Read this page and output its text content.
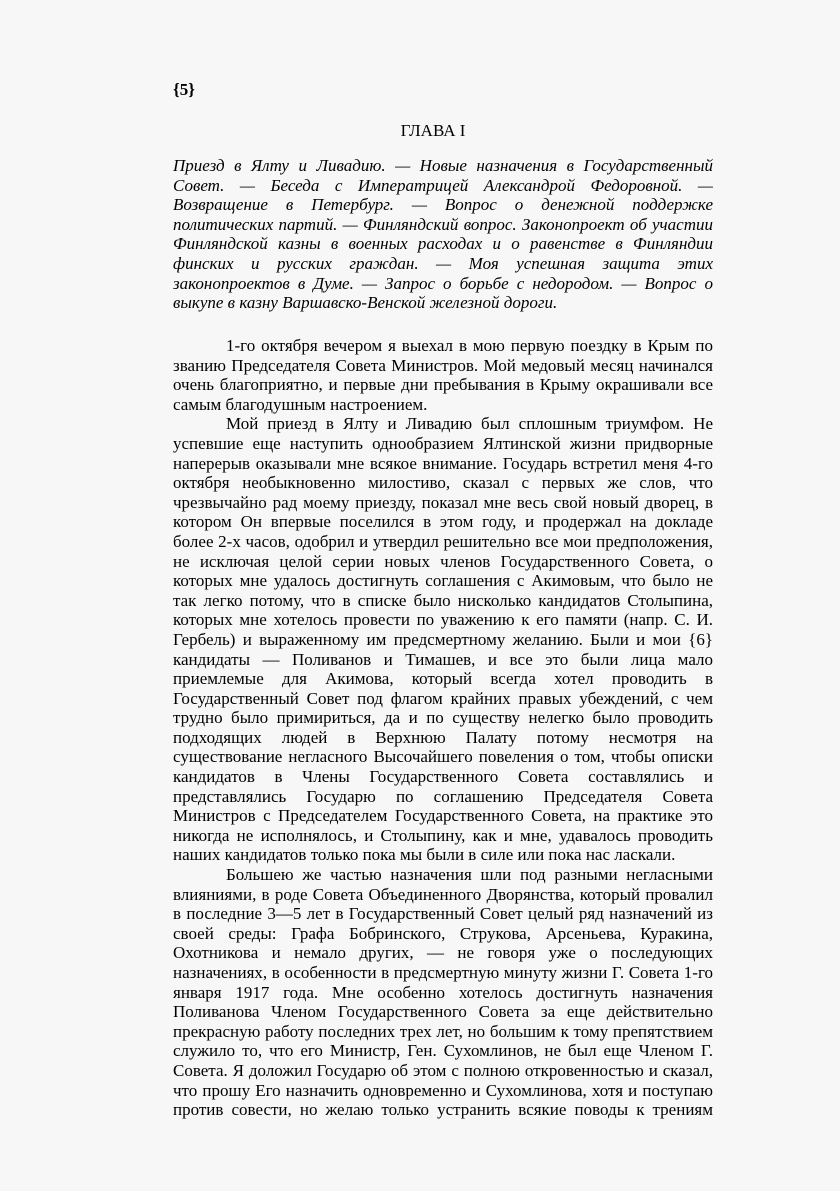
{5}
ГЛАВА I
Приезд в Ялту и Ливадию. — Новые назначения в Государственный
Совет. — Беседа с Императрицей Александрой Федоровной. —
Возвращение в Петербург. — Вопрос о денежной поддержке
политических партий. — Финляндский вопрос. Законопроект об участии
Финляндской казны в военных расходах и о равенстве в Финляндии
финских и русских граждан. — Моя успешная защита этих
законопроектов в Думе. — Запрос о борьбе с недородом. — Вопрос о
выкупе в казну Варшавско-Венской железной дороги.
1-го октября вечером я выехал в мою первую поездку в Крым по
званию Председателя Совета Министров. Мой медовый месяц начинался
очень благоприятно, и первые дни пребывания в Крыму окрашивали все
самым благодушным настроением.
Мой приезд в Ялту и Ливадию был сплошным триумфом. Не
успевшие еще наступить однообразием Ялтинской жизни придворные
наперерыв оказывали мне всякое внимание. Государь встретил меня 4-го
октября необыкновенно милостиво, сказал с первых же слов, что
чрезвычайно рад моему приезду, показал мне весь свой новый дворец, в
котором Он впервые поселился в этом году, и продержал на докладе
более 2-х часов, одобрил и утвердил решительно все мои предположения,
не исключая целой серии новых членов Государственного Совета, о
которых мне удалось достигнуть соглашения с Акимовым, что было не
так легко потому, что в списке было нисколько кандидатов Столыпина,
которых мне хотелось провести по уважению к его памяти (напр. С. И.
Гербель) и выраженному им предсмертному желанию. Были и мои {6}
кандидаты — Поливанов и Тимашев, и все это были лица мало
приемлемые для Акимова, который всегда хотел проводить в
Государственный Совет под флагом крайних правых убеждений, с чем
трудно было примириться, да и по существу нелегко было проводить
подходящих людей в Верхнюю Палату потому несмотря на
существование негласного Высочайшего повеления о том, чтобы описки
кандидатов в Члены Государственного Совета составлялись и
представлялись Государю по соглашению Председателя Совета
Министров с Председателем Государственного Совета, на практике это
никогда не исполнялось, и Столыпину, как и мне, удавалось проводить
наших кандидатов только пока мы были в силе или пока нас ласкали.
Большею же частью назначения шли под разными негласными
влияниями, в роде Совета Объединенного Дворянства, который провалил
в последние 3—5 лет в Государственный Совет целый ряд назначений из
своей среды: Графа Бобринского, Струкова, Арсеньева, Куракина,
Охотникова и немало других, — не говоря уже о последующих
назначениях, в особенности в предсмертную минуту жизни Г. Совета 1-го
января 1917 года. Мне особенно хотелось достигнуть назначения
Поливанова Членом Государственного Совета за еще действительно
прекрасную работу последних трех лет, но большим к тому препятствием
служило то, что его Министр, Ген. Сухомлинов, не был еще Членом Г.
Совета. Я доложил Государю об этом с полною откровенностью и сказал,
что прошу Его назначить одновременно и Сухомлинова, хотя и поступаю
против совести, но желаю только устранить всякие поводы к трениям
